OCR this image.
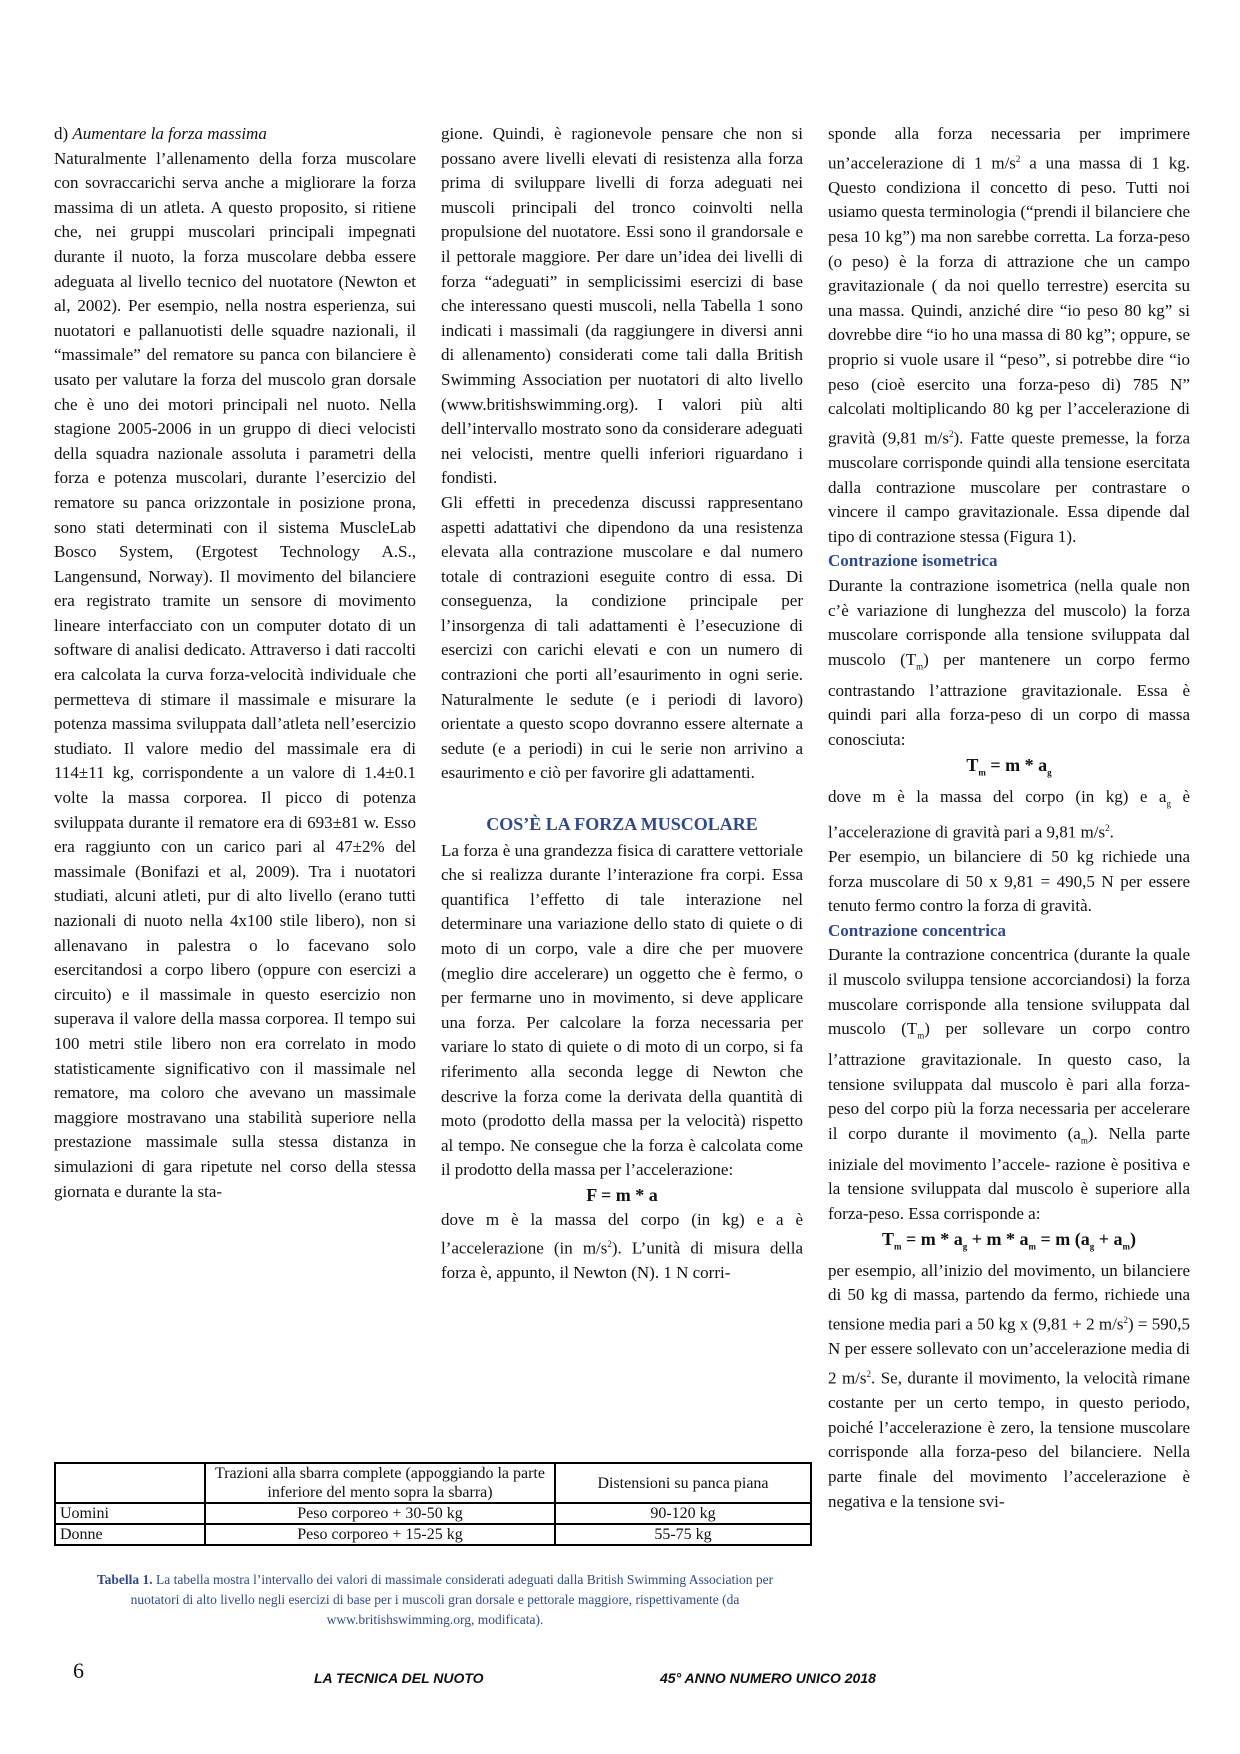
d) Aumentare la forza massima

Naturalmente l’allenamento della forza muscolare con sovraccarichi serva anche a migliorare la forza massima di un atleta. A questo proposito, si ritiene che, nei gruppi muscolari principali impegnati durante il nuoto, la forza muscolare debba essere adeguata al livello tecnico del nuotatore (Newton et al, 2002). Per esempio, nella nostra esperienza, sui nuotatori e pallanuotisti delle squadre nazionali, il “massimale” del rematore su panca con bilanciere è usato per valutare la forza del muscolo gran dorsale che è uno dei motori principali nel nuoto. Nella stagione 2005-2006 in un gruppo di dieci velocisti della squadra nazionale assoluta i parametri della forza e potenza muscolari, durante l’esercizio del rematore su panca orizzontale in posizione prona, sono stati determinati con il sistema MuscleLab Bosco System, (Ergotest Technology A.S., Langensund, Norway). Il movimento del bilanciere era registrato tramite un sensore di movimento lineare interfacciato con un computer dotato di un software di analisi dedicato. Attraverso i dati raccolti era calcolata la curva forza-velocità individuale che permetteva di stimare il massimale e misurare la potenza massima sviluppata dall’atleta nell’esercizio studiato. Il valore medio del massimale era di 114±11 kg, corrispondente a un valore di 1.4±0.1 volte la massa corporea. Il picco di potenza sviluppata durante il rematore era di 693±81 w. Esso era raggiunto con un carico pari al 47±2% del massimale (Bonifazi et al, 2009). Tra i nuotatori studiati, alcuni atleti, pur di alto livello (erano tutti nazionali di nuoto nella 4x100 stile libero), non si allenavano in palestra o lo facevano solo esercitandosi a corpo libero (oppure con esercizi a circuito) e il massimale in questo esercizio non superava il valore della massa corporea. Il tempo sui 100 metri stile libero non era correlato in modo statisticamente significativo con il massimale nel rematore, ma coloro che avevano un massimale maggiore mostravano una stabilità superiore nella prestazione massimale sulla stessa distanza in simulazioni di gara ripetute nel corso della stessa giornata e durante la sta-

gione. Quindi, è ragionevole pensare che non si possano avere livelli elevati di resistenza alla forza prima di sviluppare livelli di forza adeguati nei muscoli principali del tronco coinvolti nella propulsione del nuotatore. Essi sono il grandorsale e il pettorale maggiore. Per dare un’idea dei livelli di forza “adeguati” in semplicissimi esercizi di base che interessano questi muscoli, nella Tabella 1 sono indicati i massimali (da raggiungere in diversi anni di allenamento) considerati come tali dalla British Swimming Association per nuotatori di alto livello (www.britishswimming.org). I valori più alti dell’intervallo mostrato sono da considerare adeguati nei velocisti, mentre quelli inferiori riguardano i fondisti.

Gli effetti in precedenza discussi rappresentano aspetti adattativi che dipendono da una resistenza elevata alla contrazione muscolare e dal numero totale di contrazioni eseguite contro di essa. Di conseguenza, la condizione principale per l’insorgenza di tali adattamenti è l’esecuzione di esercizi con carichi elevati e con un numero di contrazioni che porti all’esaurimento in ogni serie. Naturalmente le sedute (e i periodi di lavoro) orientate a questo scopo dovranno essere alternate a sedute (e a periodi) in cui le serie non arrivino a esaurimento e ciò per favorire gli adattamenti.

COS’È LA FORZA MUSCOLARE

La forza è una grandezza fisica di carattere vettoriale che si realizza durante l’interazione fra corpi. Essa quantifica l’effetto di tale interazione nel determinare una variazione dello stato di quiete o di moto di un corpo, vale a dire che per muovere (meglio dire accelerare) un oggetto che è fermo, o per fermarne uno in movimento, si deve applicare una forza. Per calcolare la forza necessaria per variare lo stato di quiete o di moto di un corpo, si fa riferimento alla seconda legge di Newton che descrive la forza come la derivata della quantità di moto (prodotto della massa per la velocità) rispetto al tempo. Ne consegue che la forza è calcolata come il prodotto della massa per l’accelerazione:

F = m * a

dove m è la massa del corpo (in kg) e a è l’accelerazione (in $m/s^2$). L’unità di misura della forza è, appunto, il Newton (N). 1 N corri-

sponde alla forza necessaria per imprimere un’accelerazione di 1 $m/s^2$ a una massa di 1 kg. Questo condiziona il concetto di peso. Tutti noi usiamo questa terminologia (“prendi il bilanciere che pesa 10 kg”) ma non sarebbe corretta. La forza-peso (o peso) è la forza di attrazione che un campo gravitazionale ( da noi quello terrestre) esercita su una massa. Quindi, anziché dire “io peso 80 kg” si dovrebbe dire “io ho una massa di 80 kg”; oppure, se proprio si vuole usare il “peso”, si potrebbe dire “io peso (cioè esercito una forza-peso di) 785 N” calcolati moltiplicando 80 kg per l’accelerazione di gravità (9,81 $m/s^2$). Fatte queste premesse, la forza muscolare corrisponde quindi alla tensione esercitata dalla contrazione muscolare per contrastare o vincere il campo gravitazionale. Essa dipende dal tipo di contrazione stessa (Figura 1).

Contrazione isometrica

Durante la contrazione isometrica (nella quale non c’è variazione di lunghezza del muscolo) la forza muscolare corrisponde alla tensione sviluppata dal muscolo $(T_m)$ per mantenere un corpo fermo contrastando l’attrazione gravitazionale. Essa è quindi pari alla forza-peso di un corpo di massa conosciuta:

$T_m = m * a_g$

dove m è la massa del corpo (in kg) e $a_g$ è l’accelerazione di gravità pari a 9,81 $m/s^2$.

Per esempio, un bilanciere di 50 kg richiede una forza muscolare di 50 x 9,81 = 490,5 N per essere tenuto fermo contro la forza di gravità.

Contrazione concentrica

Durante la contrazione concentrica (durante la quale il muscolo sviluppa tensione accorciandosi) la forza muscolare corrisponde alla tensione sviluppata dal muscolo $(T_m)$ per sollevare un corpo contro l’attrazione gravitazionale. In questo caso, la tensione sviluppata dal muscolo è pari alla forza-peso del corpo più la forza necessaria per accelerare il corpo durante il movimento $(a_m)$. Nella parte iniziale del movimento l’accele- razione è positiva e la tensione sviluppata dal muscolo è superiore alla forza-peso. Essa corrisponde a:

$T_m = m * a_g + m * a_m = m$ $(a_g + a_m)$

per esempio, all’inizio del movimento, un bilanciere di 50 kg di massa, partendo da fermo, richiede una tensione media pari a 50 kg x (9,81 + 2 $m/s^2) = 590,5$ N per essere sollevato con un’accelerazione media di 2 $m/s^2$. Se, durante il movimento, la velocità rimane costante per un certo tempo, in questo periodo, poiché l’accelerazione è zero, la tensione muscolare corrisponde alla forza-peso del bilanciere. Nella parte finale del movimento l’accelerazione è negativa e la tensione svi-

	Trazioni alla sbarra complete (appoggiando la parte inferiore del mento sopra la sbarra)	Distensioni su panca piana
Uomini	Peso corporeo + 30-50 kg	90-120 kg
Donne	Peso corporeo + 15-25 kg	55-75 kg
Tabella 1. La tabella mostra l’intervallo dei valori di massimale considerati adeguati dalla British Swimming Association per nuotatori di alto livello negli esercizi di base per i muscoli gran dorsale e pettorale maggiore, rispettivamente (da www.britishswimming.org, modificata).
6	LA TECNICA DEL NUOTO	45° ANNO NUMERO UNICO 2018
